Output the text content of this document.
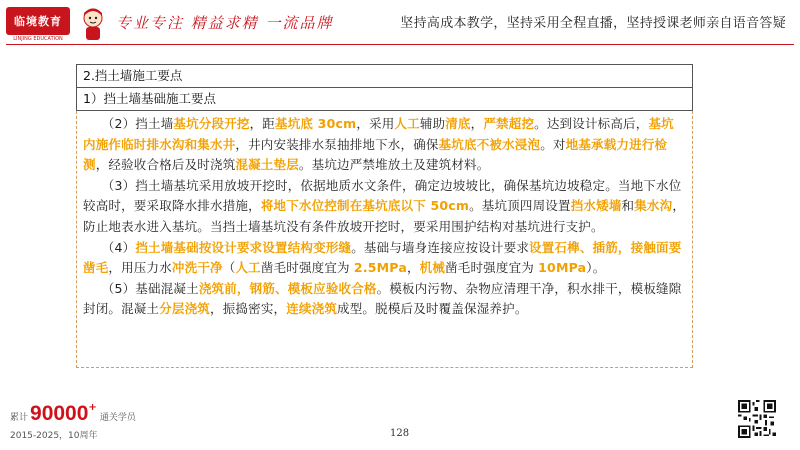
临境教育
LINJING EDUCATION
专业专注 精益求精 一流品牌	坚持高成本教学，坚持采用全程直播，坚持授课老师亲自语音答疑
2.挡土墙施工要点
1）挡土墙基础施工要点

（2）挡土墙基坑分段开挖，距基坑底 30cm，采用人工辅助清底，严禁超挖。达到设计标高后，基坑内施作临时排水沟和集水井，井内安装排水泵抽排地下水，确保基坑底不被水浸泡。对地基承载力进行检测，经验收合格后及时浇筑混凝土垫层。基坑边严禁堆放土及建筑材料。

（3）挡土墙基坑采用放坡开挖时，依据地质水文条件，确定边坡坡比，确保基坑边坡稳定。当地下水位较高时，要采取降水排水措施，将地下水位控制在基坑底以下 50cm。基坑顶四周设置挡水矮墙和集水沟，防止地表水进入基坑。当挡土墙基坑没有条件放坡开挖时，要采用围护结构对基坑进行支护。

（4）挡土墙基础按设计要求设置结构变形缝。基础与墙身连接应按设计要求设置石榫、插筋，接触面要凿毛，用压力水冲洗干净（人工凿毛时强度宜为 2.5MPa，机械凿毛时强度宜为 10MPa）。

（5）基础混凝土浇筑前，钢筋、模板应验收合格。模板内污物、杂物应清理干净，积水排干，模板缝隙封闭。混凝土分层浇筑，振捣密实，连续浇筑成型。脱模后及时覆盖保湿养护。

累计 90000 +
通关学员
2015-2025，10周年	128
